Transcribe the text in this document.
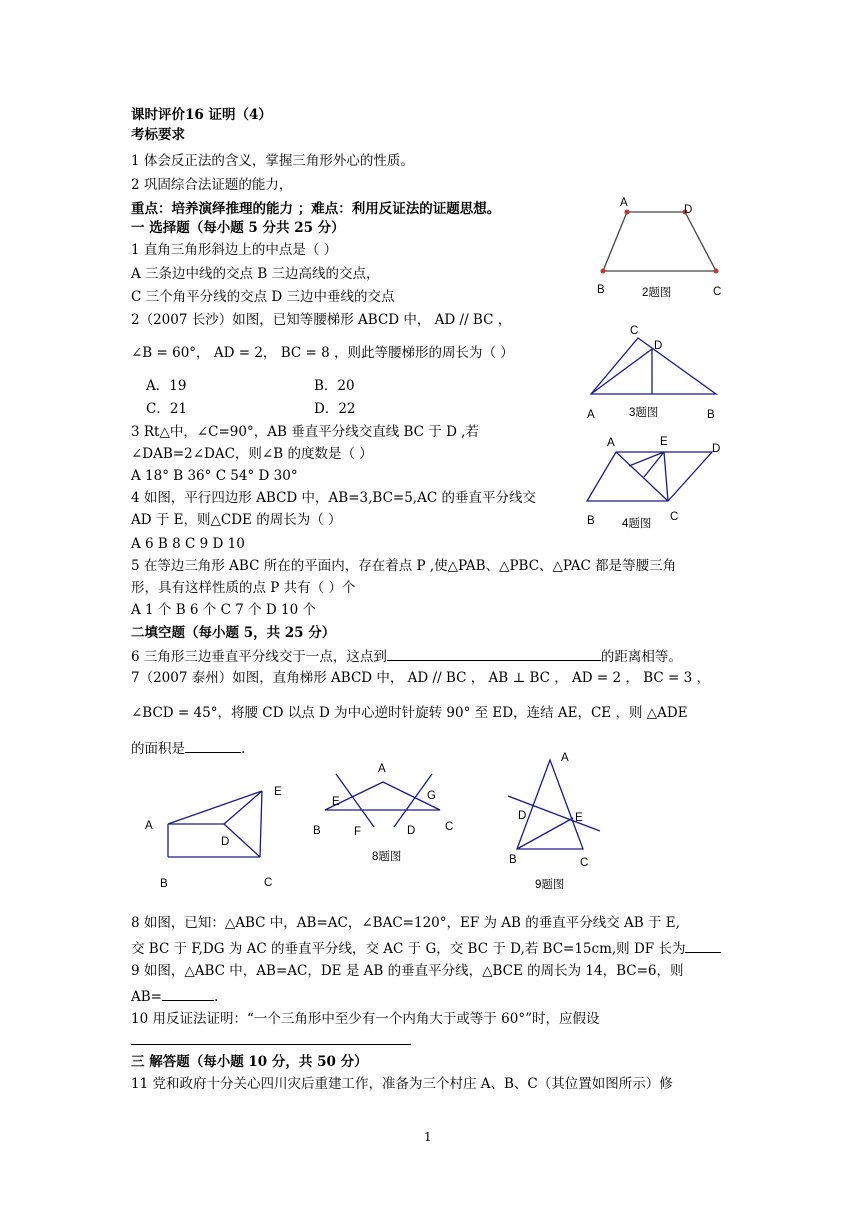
课时评价16 证明（4）
考标要求
1 体会反正法的含义，掌握三角形外心的性质。
2 巩固综合法证题的能力，
重点：培养演绎推理的能力 ；难点：利用反证法的证题思想。
一 选择题（每小题 5 分共 25 分）
1 直角三角形斜边上的中点是（ ）
A 三条边中线的交点 B 三边高线的交点，
C 三个角平分线的交点 D 三边中垂线的交点
2（2007 长沙）如图，已知等腰梯形 ABCD 中， AD // BC ，
∠B = 60°， AD = 2， BC = 8 ，则此等腰梯形的周长为（ ）
A．19	B．20
C．21	D．22
3 Rt△中，∠C=90°，AB 垂直平分线交直线 BC 于 D ,若
∠DAB=2∠DAC，则∠B 的度数是（ ）
A 18° B 36° C 54° D 30°
4 如图，平行四边形 ABCD 中，AB=3,BC=5,AC 的垂直平分线交
AD 于 E，则△CDE 的周长为（ ）
A 6 B 8 C 9 D 10
5 在等边三角形 ABC 所在的平面内，存在着点 P ,使△PAB、△PBC、△PAC 都是等腰三角
形，具有这样性质的点 P 共有（ ）个
A 1 个 B 6 个 C 7 个 D 10 个
二填空题（每小题 5，共 25 分）
6 三角形三边垂直平分线交于一点，这点到	的距离相等。
7（2007 泰州）如图，直角梯形 ABCD 中， AD // BC ， AB ⊥ BC ， AD = 2 ， BC = 3 ，
∠BCD = 45°，将腰 CD 以点 D 为中心逆时针旋转 90° 至 ED，连结 AE，CE ，则 △ADE
的面积是	.
8 如图，已知：△ABC 中，AB=AC，∠BAC=120°，EF 为 AB 的垂直平分线交 AB 于 E,
交 BC 于 F,DG 为 AC 的垂直平分线，交 AC 于 G，交 BC 于 D,若 BC=15cm,则 DF 长为
9 如图，△ABC 中，AB=AC，DE 是 AB 的垂直平分线，△BCE 的周长为 14，BC=6，则
AB=	.
10 用反证法证明：“一个三角形中至少有一个内角大于或等于 60°”时，应假设
三 解答题（每小题 10 分，共 50 分）
11 党和政府十分关心四川灾后重建工作，准备为三个村庄 A、B、C（其位置如图所示）修
1
A
D
B	C
2题图
C
D
A	B
3题图
A	E
D
B	C
4题图
A
D
E
B	C
A
E	G
B	F	D	C
8题图
A
D	E
B	C
9题图
